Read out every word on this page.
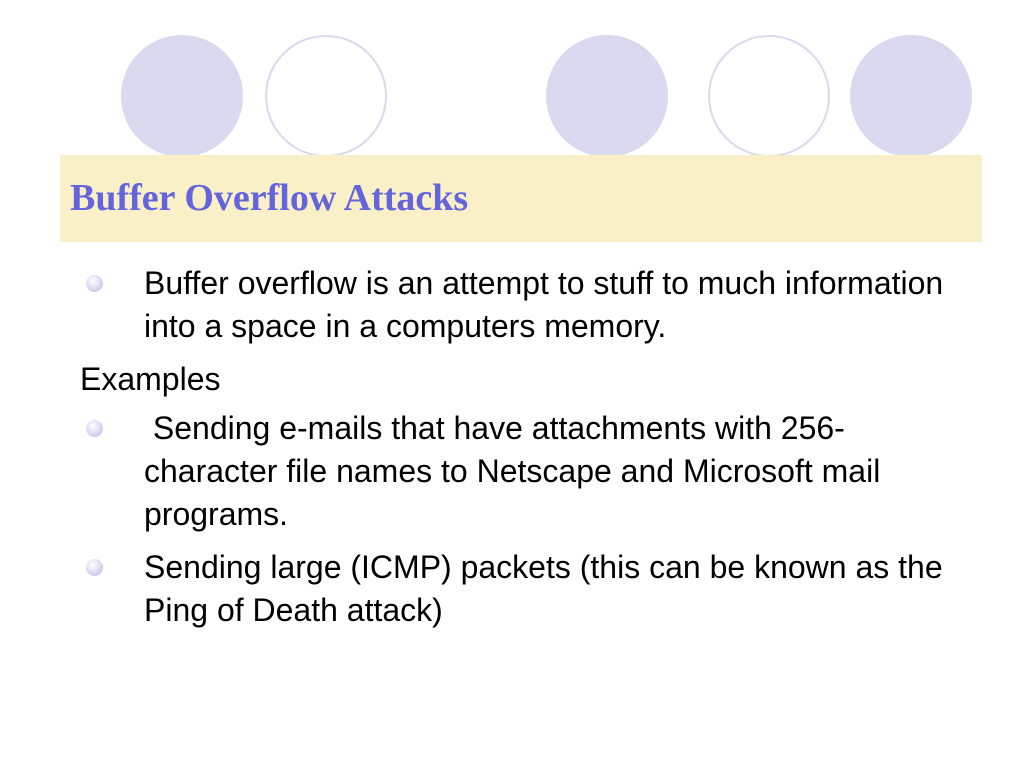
Buffer Overflow Attacks
Buffer overflow is an attempt to stuff to much information into a space in a computers memory.
Examples
Sending e-mails that have attachments with 256-character file names to Netscape and Microsoft mail programs.
Sending large (ICMP) packets (this can be known as the Ping of Death attack)
